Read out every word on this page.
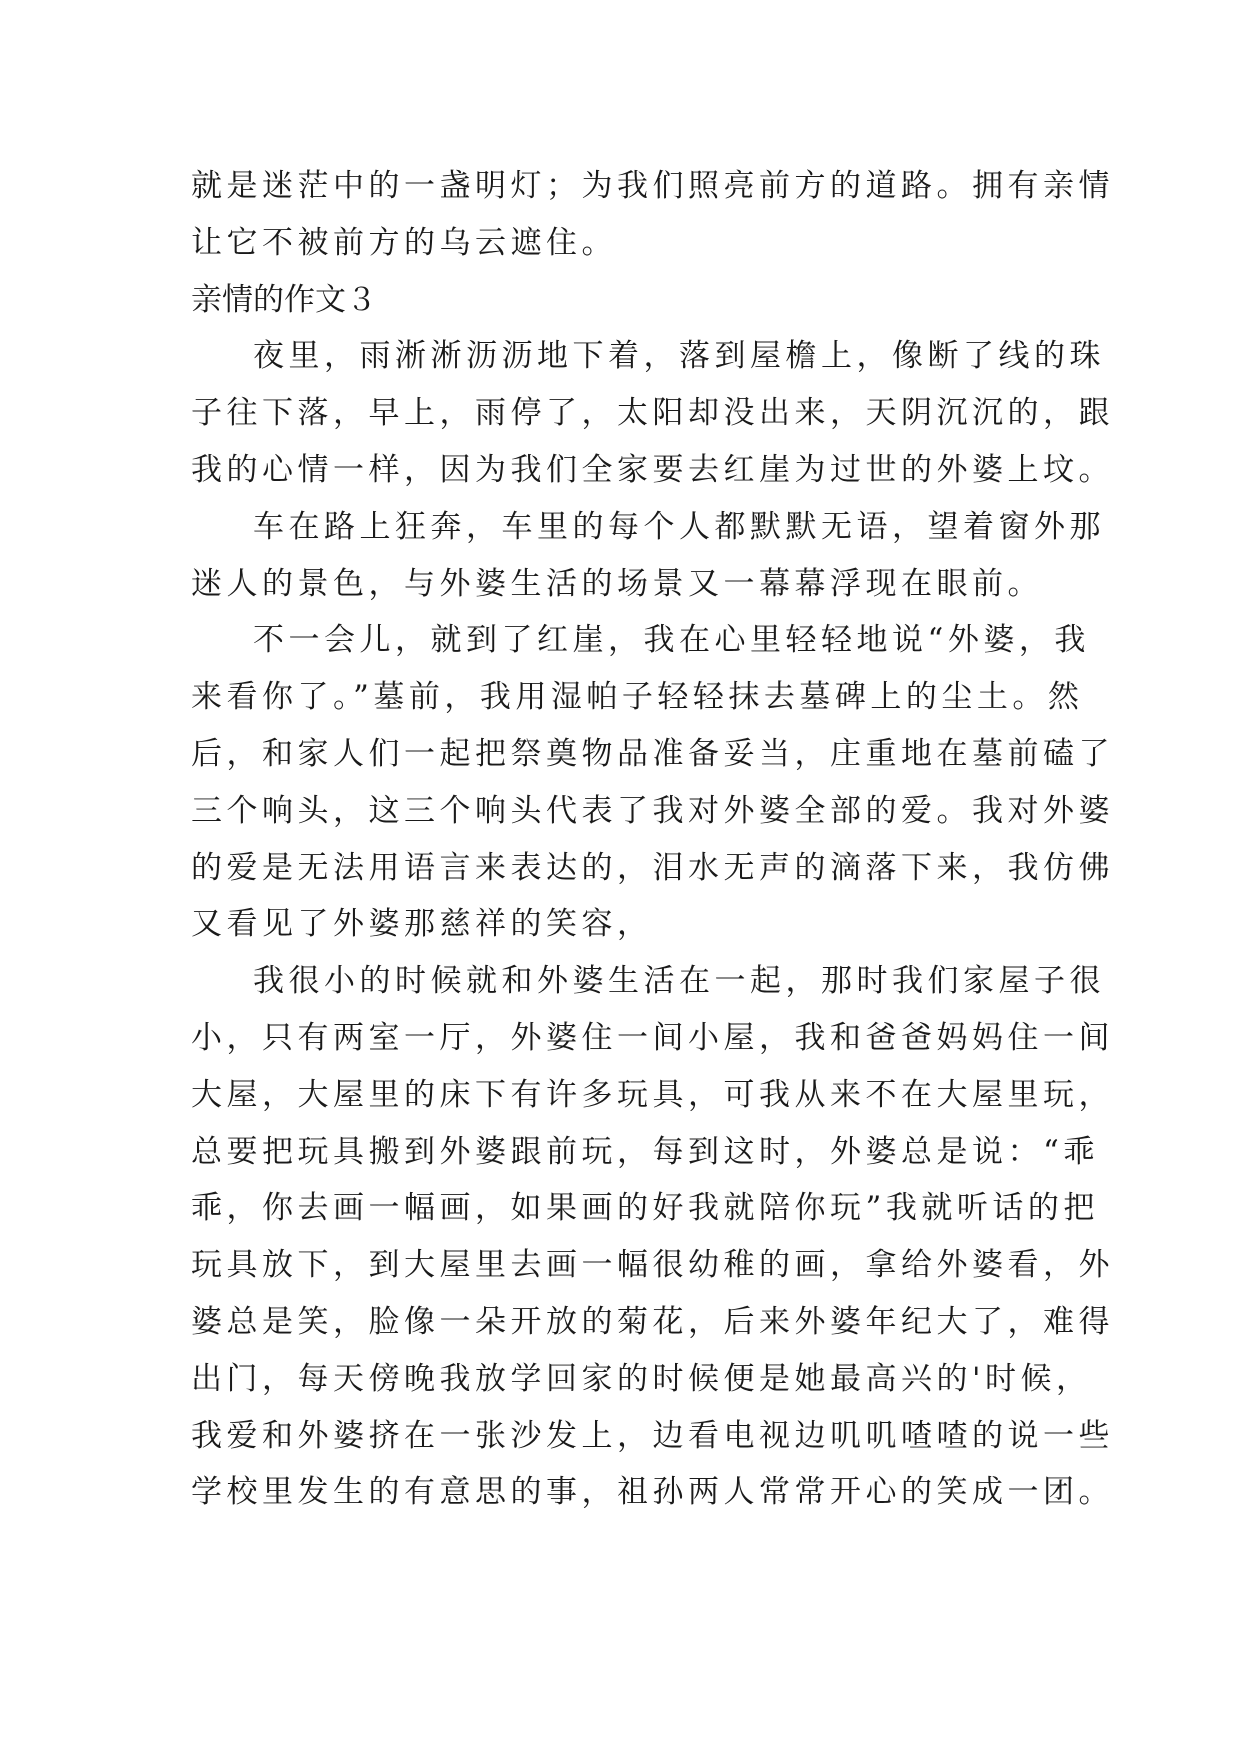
就是迷茫中的一盏明灯；为我们照亮前方的道路。拥有亲情
让它不被前方的乌云遮住。
亲情的作文３
夜里，雨淅淅沥沥地下着，落到屋檐上，像断了线的珠
子往下落，早上，雨停了，太阳却没出来，天阴沉沉的，跟
我的心情一样，因为我们全家要去红崖为过世的外婆上坟。
车在路上狂奔，车里的每个人都默默无语，望着窗外那
迷人的景色，与外婆生活的场景又一幕幕浮现在眼前。
不一会儿，就到了红崖，我在心里轻轻地说“外婆，我
来看你了。”墓前，我用湿帕子轻轻抹去墓碑上的尘土。然
后，和家人们一起把祭奠物品准备妥当，庄重地在墓前磕了
三个响头，这三个响头代表了我对外婆全部的爱。我对外婆
的爱是无法用语言来表达的，泪水无声的滴落下来，我仿佛
又看见了外婆那慈祥的笑容，
我很小的时候就和外婆生活在一起，那时我们家屋子很
小，只有两室一厅，外婆住一间小屋，我和爸爸妈妈住一间
大屋，大屋里的床下有许多玩具，可我从来不在大屋里玩，
总要把玩具搬到外婆跟前玩，每到这时，外婆总是说：“乖
乖，你去画一幅画，如果画的好我就陪你玩”我就听话的把
玩具放下，到大屋里去画一幅很幼稚的画，拿给外婆看，外
婆总是笑，脸像一朵开放的菊花，后来外婆年纪大了，难得
出门，每天傍晚我放学回家的时候便是她最高兴的'时候，
我爱和外婆挤在一张沙发上，边看电视边叽叽喳喳的说一些
学校里发生的有意思的事，祖孙两人常常开心的笑成一团。
